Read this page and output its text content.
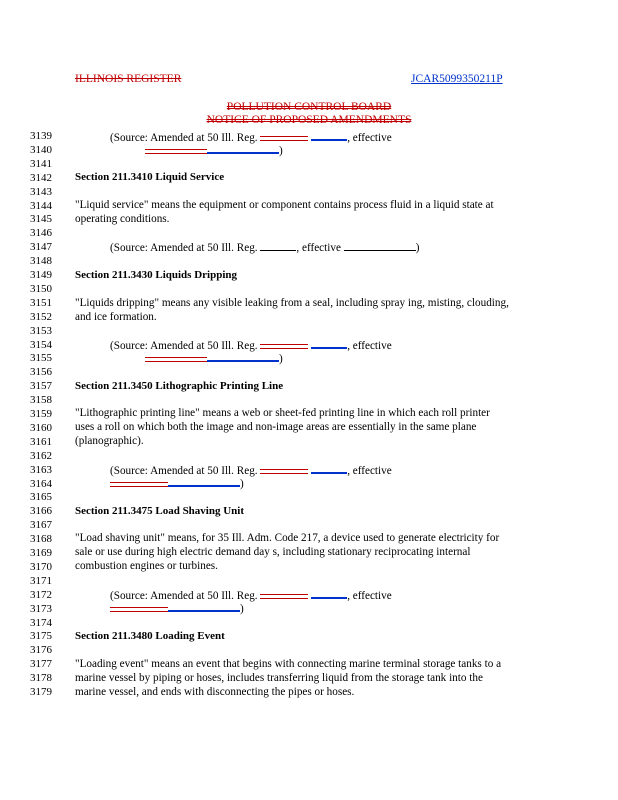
ILLINOIS REGISTER	JCAR5099350211P
POLLUTION CONTROL BOARD
NOTICE OF PROPOSED AMENDMENTS
3139
3140
3141
3142
3143
3144
3145
3146
3147
3148
3149
3150
3151
3152
3153
3154
3155
3156
3157
3158
3159
3160
3161
3162
3163
3164
3165
3166
3167
3168
3169
3170
3171
3172
3173
3174
3175
3176
3177
3178
3179
(Source: Amended at 50 Ill. Reg.	, effective
)
Section 211.3410 Liquid Service
"Liquid service" means the equipment or component contains process fluid in a liquid state at
operating conditions.
(Source: Amended at 50 Ill. Reg.	, effective	)
Section 211.3430 Liquids Dripping
"Liquids dripping" means any visible leaking from a seal, including spray ing, misting, clouding,
and ice formation.
(Source: Amended at 50 Ill. Reg.	, effective
)
Section 211.3450 Lithographic Printing Line
"Lithographic printing line" means a web or sheet-fed printing line in which each roll printer
uses a roll on which both the image and non-image areas are essentially in the same plane
(planographic).
(Source: Amended at 50 Ill. Reg.	, effective
)
Section 211.3475 Load Shaving Unit
"Load shaving unit" means, for 35 Ill. Adm. Code 217, a device used to generate electricity for
sale or use during high electric demand day s, including stationary reciprocating internal
combustion engines or turbines.
(Source: Amended at 50 Ill. Reg.	, effective
)
Section 211.3480 Loading Event
"Loading event" means an event that begins with connecting marine terminal storage tanks to a
marine vessel by piping or hoses, includes transferring liquid from the storage tank into the
marine vessel, and ends with disconnecting the pipes or hoses.
